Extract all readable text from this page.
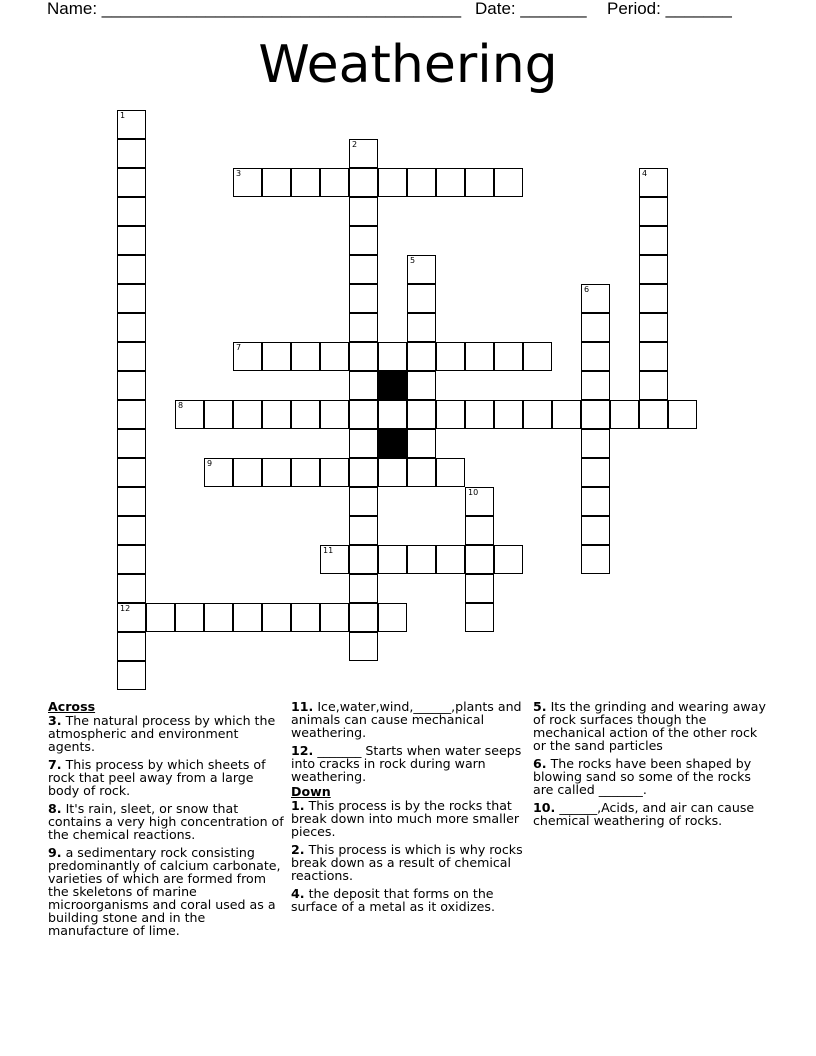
Name: ______________________________________ Date: _______ Period: _______
Weathering
3
7
8
9
11
12
1
2
4
5
6
10
Across
3. The natural process by which the atmospheric and environment agents.
7. This process by which sheets of rock that peel away from a large body of rock.
8. It's rain, sleet, or snow that contains a very high concentration of the chemical reactions.
9. a sedimentary rock consisting predominantly of calcium carbonate, varieties of which are formed from the skeletons of marine microorganisms and coral used as a building stone and in the manufacture of lime.
11. Ice,water,wind,______,plants and animals can cause mechanical weathering.
12. _______ Starts when water seeps into cracks in rock during warn weathering.
Down
1. This process is by the rocks that break down into much more smaller pieces.
2. This process is which is why rocks break down as a result of chemical reactions.
4. the deposit that forms on the surface of a metal as it oxidizes.
5. Its the grinding and wearing away of rock surfaces though the mechanical action of the other rock or the sand particles
6. The rocks have been shaped by blowing sand so some of the rocks are called _______.
10. ______,Acids, and air can cause chemical weathering of rocks.
